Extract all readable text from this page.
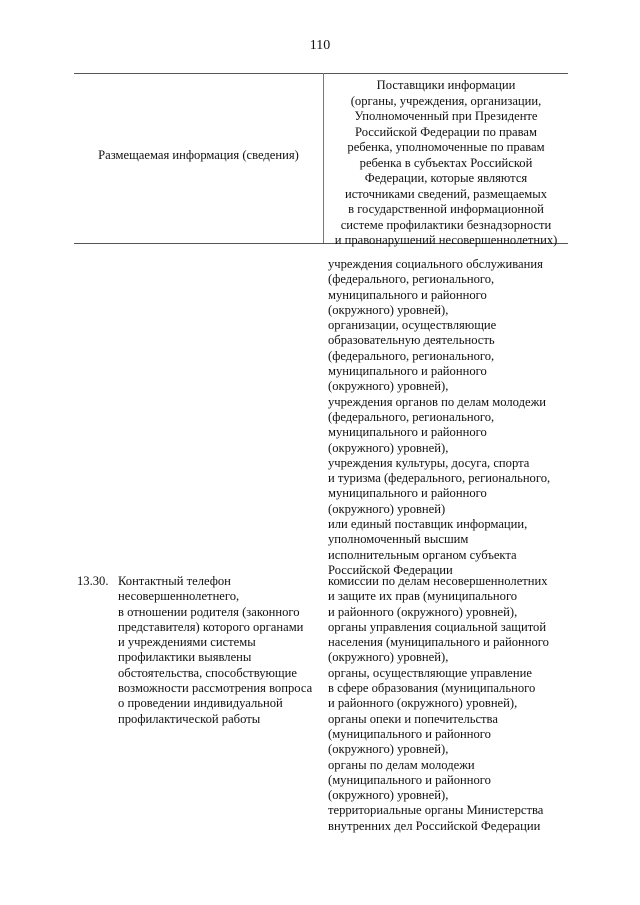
110
Размещаемая информация (сведения)
Поставщики информации
(органы, учреждения, организации,
Уполномоченный при Президенте
Российской Федерации по правам
ребенка, уполномоченные по правам
ребенка в субъектах Российской
Федерации, которые являются
источниками сведений, размещаемых
в государственной информационной
системе профилактики безнадзорности
и правонарушений несовершеннолетних)
учреждения социального обслуживания
(федерального, регионального,
муниципального и районного
(окружного) уровней),
организации, осуществляющие
образовательную деятельность
(федерального, регионального,
муниципального и районного
(окружного) уровней),
учреждения органов по делам молодежи
(федерального, регионального,
муниципального и районного
(окружного) уровней),
учреждения культуры, досуга, спорта
и туризма (федерального, регионального,
муниципального и районного
(окружного) уровней)
или единый поставщик информации,
уполномоченный высшим
исполнительным органом субъекта
Российской Федерации
13.30. Контактный телефон
несовершеннолетнего,
в отношении родителя (законного
представителя) которого органами
и учреждениями системы
профилактики выявлены
обстоятельства, способствующие
возможности рассмотрения вопроса
о проведении индивидуальной
профилактической работы
комиссии по делам несовершеннолетних
и защите их прав (муниципального
и районного (окружного) уровней),
органы управления социальной защитой
населения (муниципального и районного
(окружного) уровней),
органы, осуществляющие управление
в сфере образования (муниципального
и районного (окружного) уровней),
органы опеки и попечительства
(муниципального и районного
(окружного) уровней),
органы по делам молодежи
(муниципального и районного
(окружного) уровней),
территориальные органы Министерства
внутренних дел Российской Федерации
